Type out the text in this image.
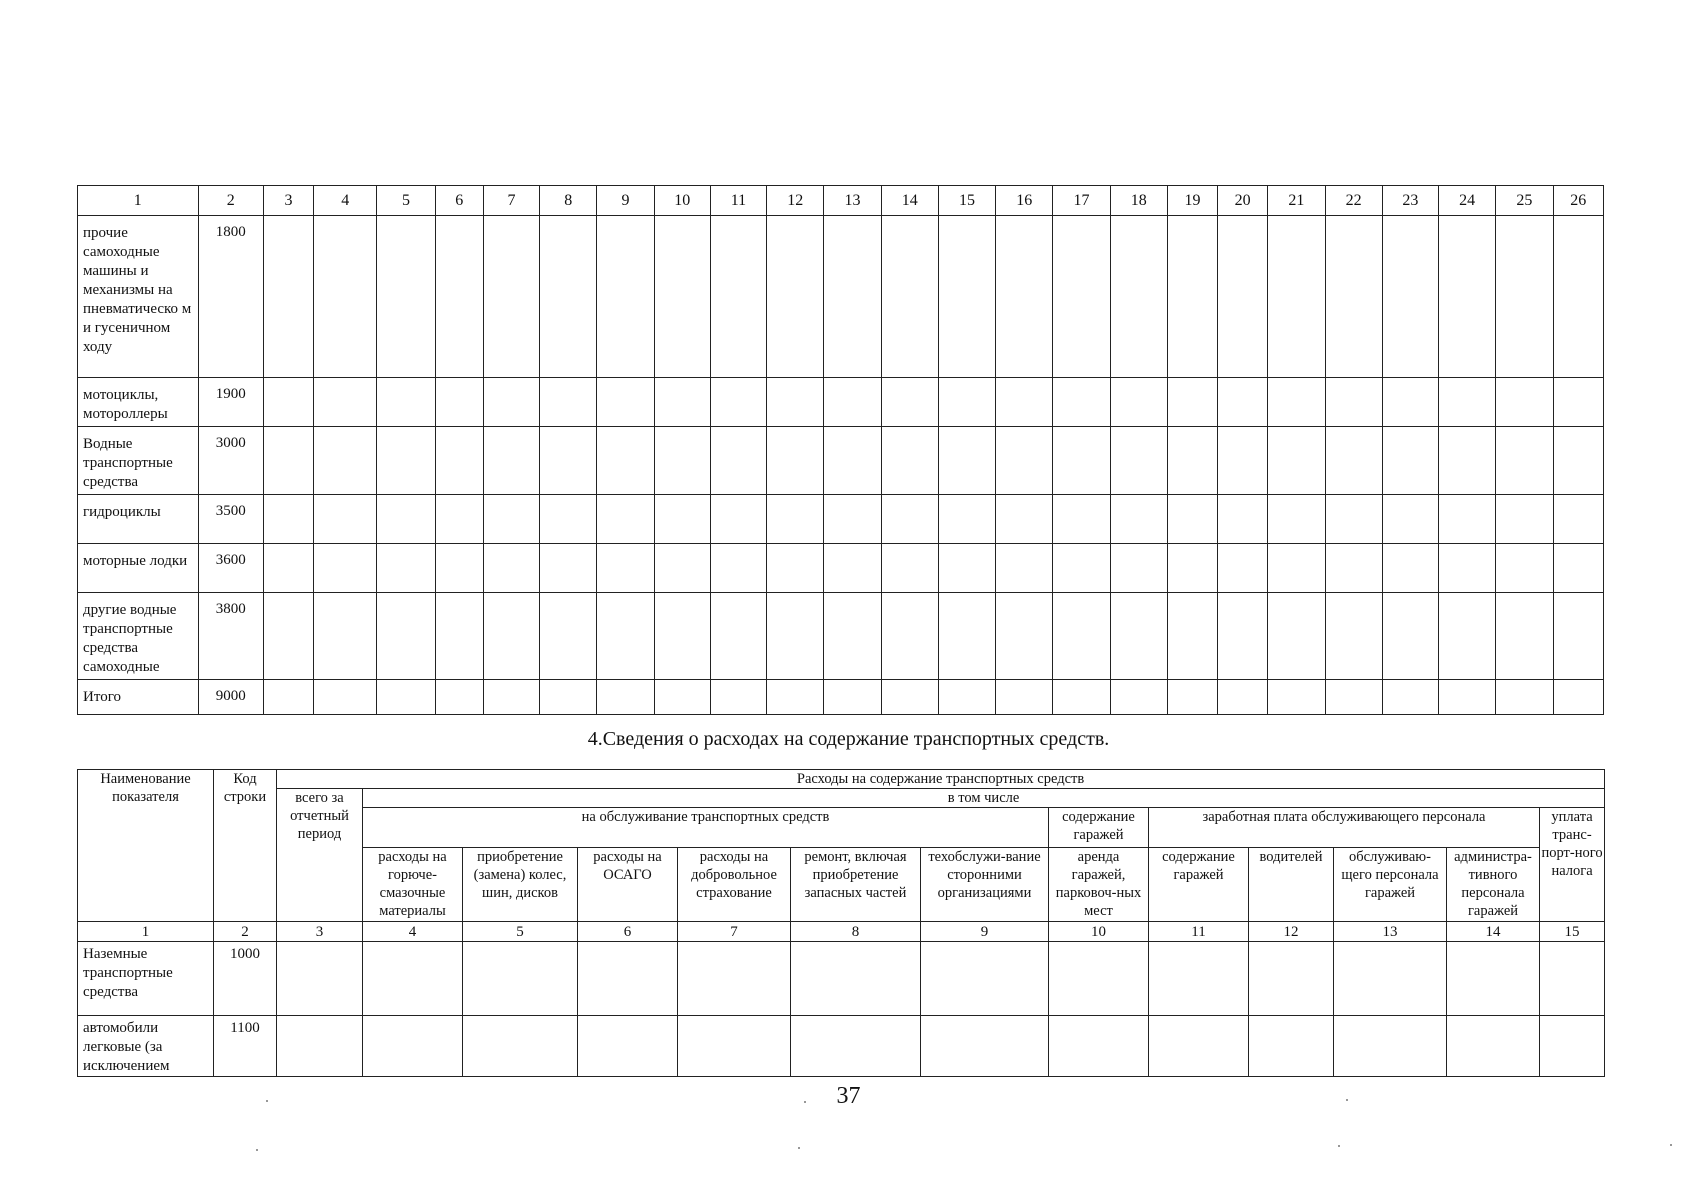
1	2	3	4	5	6	7	8	9	10	11	12	13	14	15	16	17	18	19	20	21	22	23	24	25	26
прочие самоходные машины и механизмы на пневматическо м и гусеничном ходу	1800																								
мотоциклы, мотороллеры	1900																								
Водные транспортные средства	3000																								
гидроциклы	3500																								
моторные лодки	3600																								
другие водные транспортные средства самоходные	3800																								
Итого	9000																								
4.Сведения о расходах на содержание транспортных средств.
Наименование показателя	Код строки	Расходы на содержание транспортных средств												
		всего за отчетный период	в том числе											
			на обслуживание транспортных средств						содержание гаражей	заработная плата обслуживающего персонала				уплата транс-порт-ного налога
			расходы на горюче-смазочные материалы	приобретение (замена) колес, шин, дисков	расходы на ОСАГО	расходы на добровольное страхование	ремонт, включая приобретение запасных частей	техобслужи-вание сторонними организациями	аренда гаражей, парковоч-ных мест	содержание гаражей	водителей	обслуживаю-щего персонала гаражей	администра-тивного персонала гаражей	
1	2	3	4	5	6	7	8	9	10	11	12	13	14	15
Наземные транспортные средства	1000													
автомобили легковые (за исключением	1100													
37
